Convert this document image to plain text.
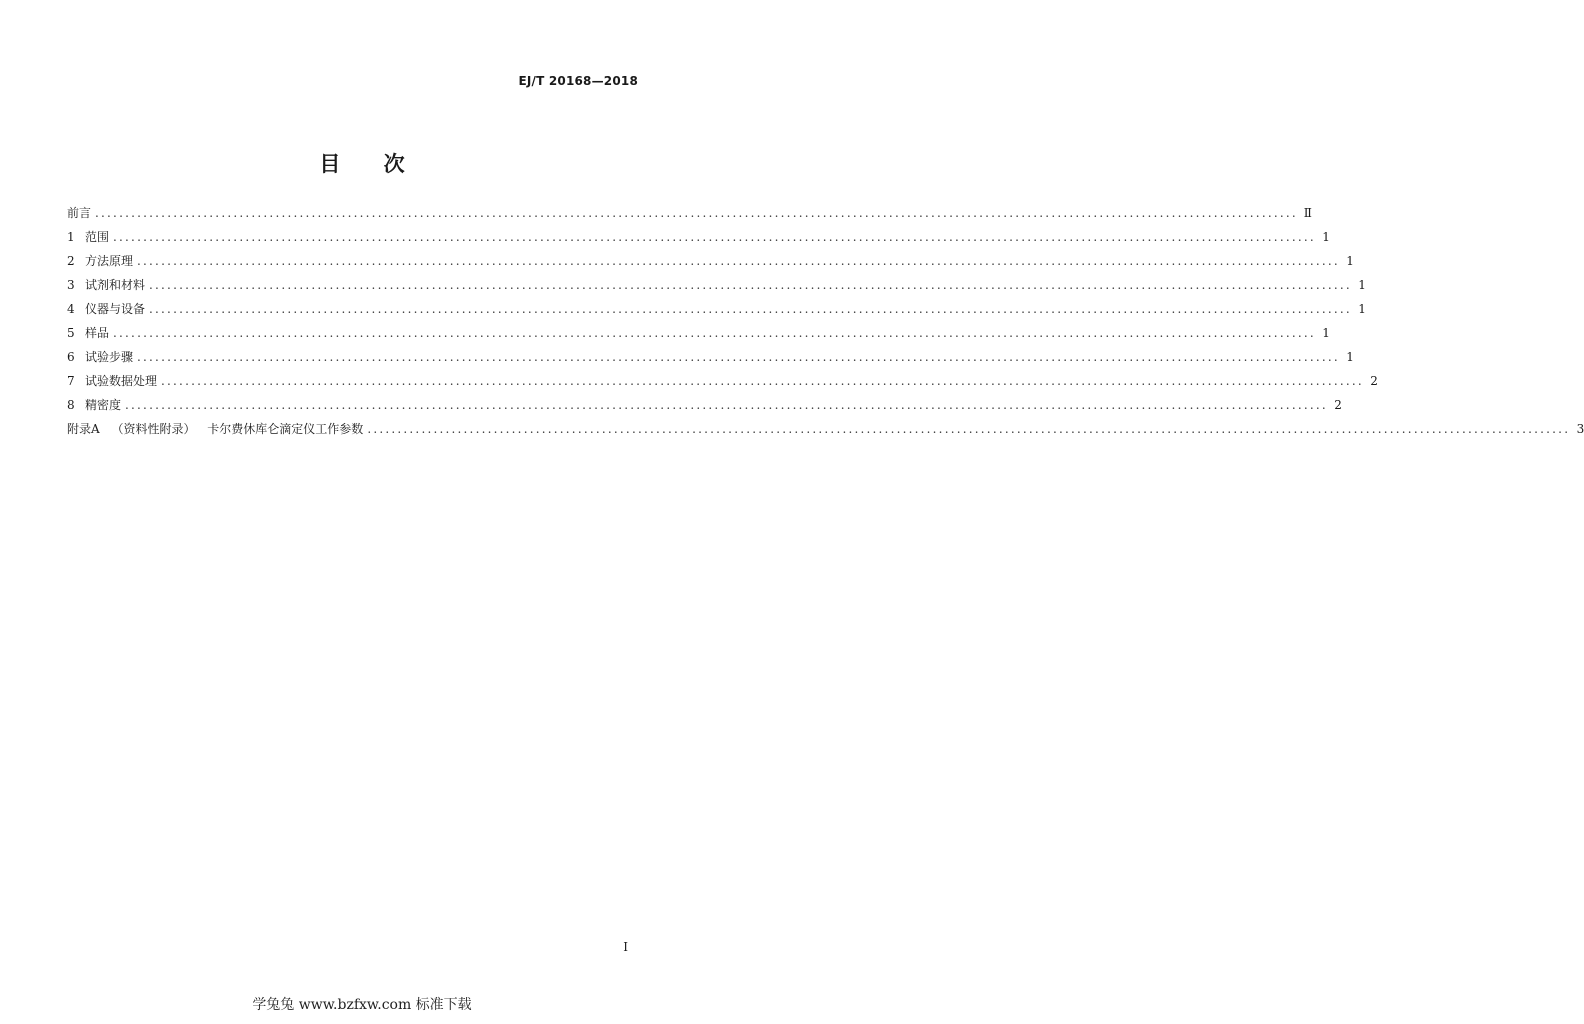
EJ/T 20168—2018
目 次
前言 ........................................................................................................................................................................................................ Ⅱ
1 范围 ........................................................................................................................................................................................................ 1
2 方法原理 ........................................................................................................................................................................................................ 1
3 试剂和材料 ........................................................................................................................................................................................................ 1
4 仪器与设备 ........................................................................................................................................................................................................ 1
5 样品 ........................................................................................................................................................................................................ 1
6 试验步骤 ........................................................................................................................................................................................................ 1
7 试验数据处理 ........................................................................................................................................................................................................ 2
8 精密度 ........................................................................................................................................................................................................ 2
附录A （资料性附录） 卡尔费休库仑滴定仪工作参数 ........................................................................................................................................................................................................ 3
Ⅰ
学兔兔 www.bzfxw.com 标准下载
